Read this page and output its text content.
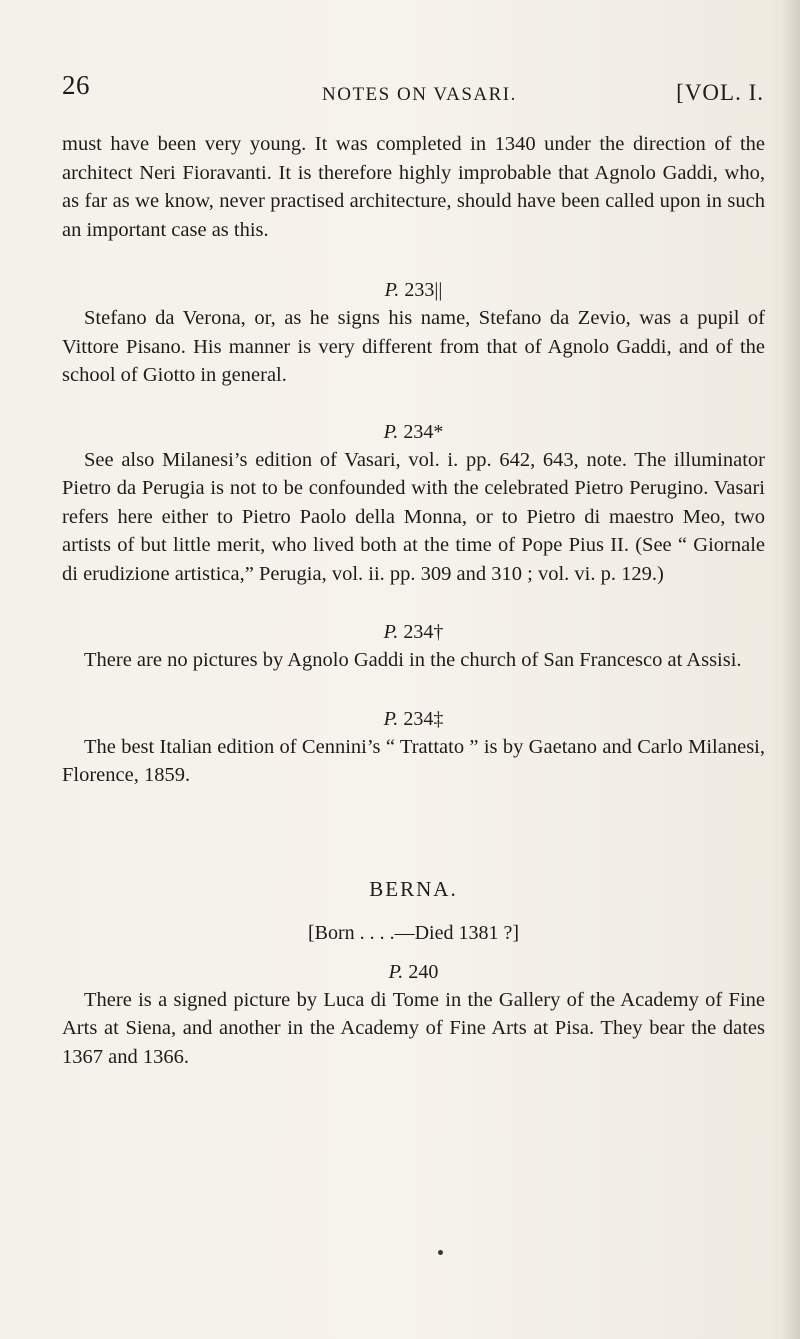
26	NOTES ON VASARI.	[VOL. I.

must have been very young. It was completed in 1340 under the direction of the architect Neri Fioravanti. It is therefore highly improbable that Agnolo Gaddi, who, as far as we know, never practised architecture, should have been called upon in such an important case as this.

P. 233||

Stefano da Verona, or, as he signs his name, Stefano da Zevio, was a pupil of Vittore Pisano. His manner is very different from that of Agnolo Gaddi, and of the school of Giotto in general.

P. 234*

See also Milanesi’s edition of Vasari, vol. i. pp. 642, 643, note. The illuminator Pietro da Perugia is not to be confounded with the celebrated Pietro Perugino. Vasari refers here either to Pietro Paolo della Monna, or to Pietro di maestro Meo, two artists of but little merit, who lived both at the time of Pope Pius II. (See “ Giornale di erudizione artistica,” Perugia, vol. ii. pp. 309 and 310 ; vol. vi. p. 129.)

P. 234†

There are no pictures by Agnolo Gaddi in the church of San Francesco at Assisi.

P. 234‡

The best Italian edition of Cennini’s “ Trattato ” is by Gaetano and Carlo Milanesi, Florence, 1859.

BERNA.

[Born . . . .—Died 1381 ?]

P. 240

There is a signed picture by Luca di Tome in the Gallery of the Academy of Fine Arts at Siena, and another in the Academy of Fine Arts at Pisa. They bear the dates 1367 and 1366.
